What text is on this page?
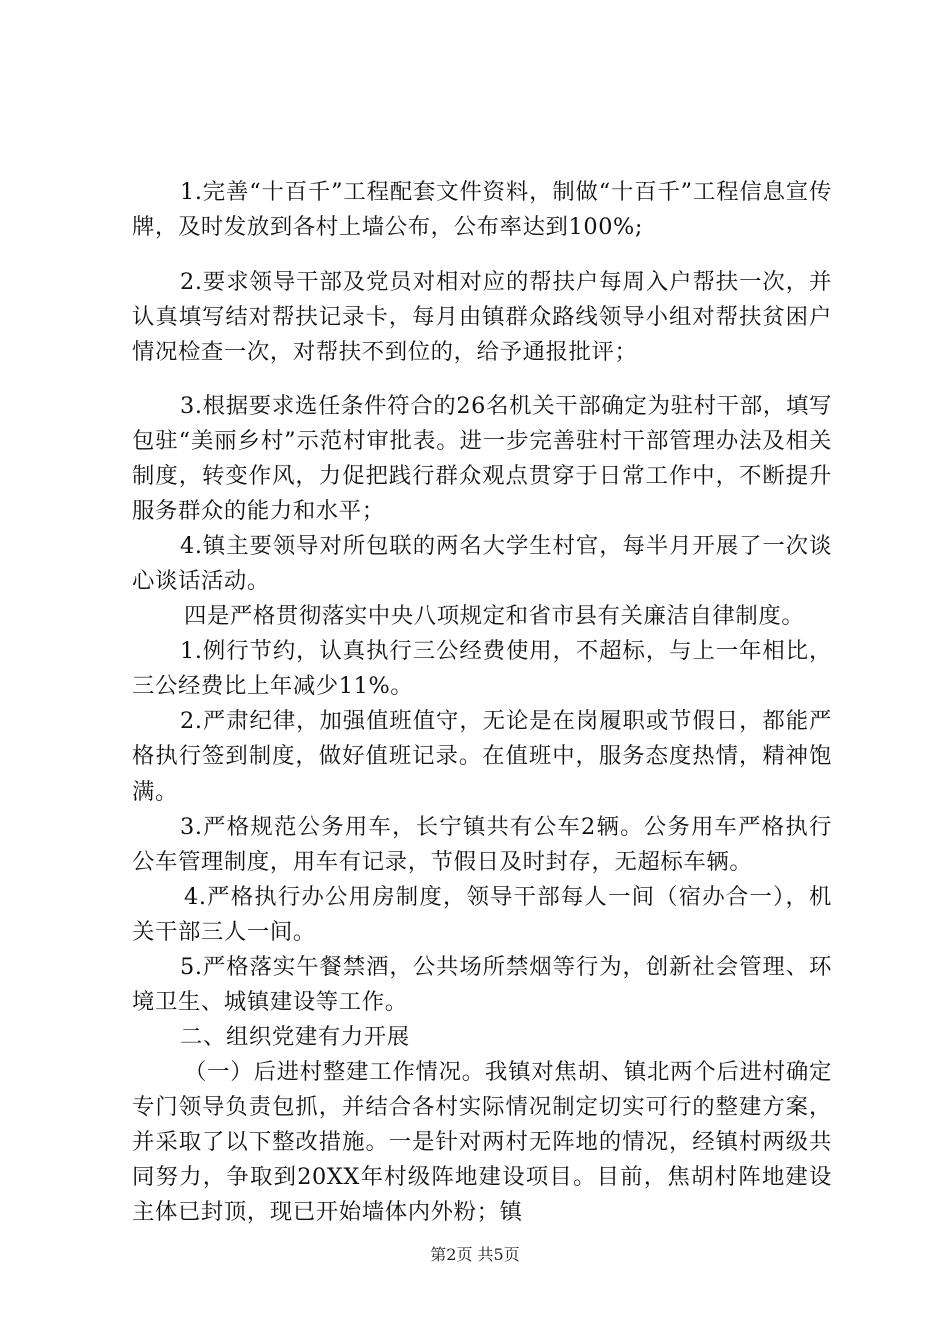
1.完善“十百千”工程配套文件资料，制做“十百千”工程信息宣传牌，及时发放到各村上墙公布，公布率达到100%;
2.要求领导干部及党员对相对应的帮扶户每周入户帮扶一次，并认真填写结对帮扶记录卡，每月由镇群众路线领导小组对帮扶贫困户情况检查一次，对帮扶不到位的，给予通报批评；
3.根据要求选任条件符合的26名机关干部确定为驻村干部，填写包驻“美丽乡村”示范村审批表。进一步完善驻村干部管理办法及相关制度，转变作风，力促把践行群众观点贯穿于日常工作中，不断提升服务群众的能力和水平；
4.镇主要领导对所包联的两名大学生村官，每半月开展了一次谈心谈话活动。
四是严格贯彻落实中央八项规定和省市县有关廉洁自律制度。
1.例行节约，认真执行三公经费使用，不超标，与上一年相比，三公经费比上年减少11%。
2.严肃纪律，加强值班值守，无论是在岗履职或节假日，都能严格执行签到制度，做好值班记录。在值班中，服务态度热情，精神饱满。
3.严格规范公务用车，长宁镇共有公车2辆。公务用车严格执行公车管理制度，用车有记录，节假日及时封存，无超标车辆。
4.严格执行办公用房制度，领导干部每人一间（宿办合一），机关干部三人一间。
5.严格落实午餐禁酒，公共场所禁烟等行为，创新社会管理、环境卫生、城镇建设等工作。
二、组织党建有力开展
（一）后进村整建工作情况。我镇对焦胡、镇北两个后进村确定专门领导负责包抓，并结合各村实际情况制定切实可行的整建方案，并采取了以下整改措施。一是针对两村无阵地的情况，经镇村两级共同努力，争取到20XX年村级阵地建设项目。目前，焦胡村阵地建设主体已封顶，现已开始墙体内外粉；镇
第2页 共5页
